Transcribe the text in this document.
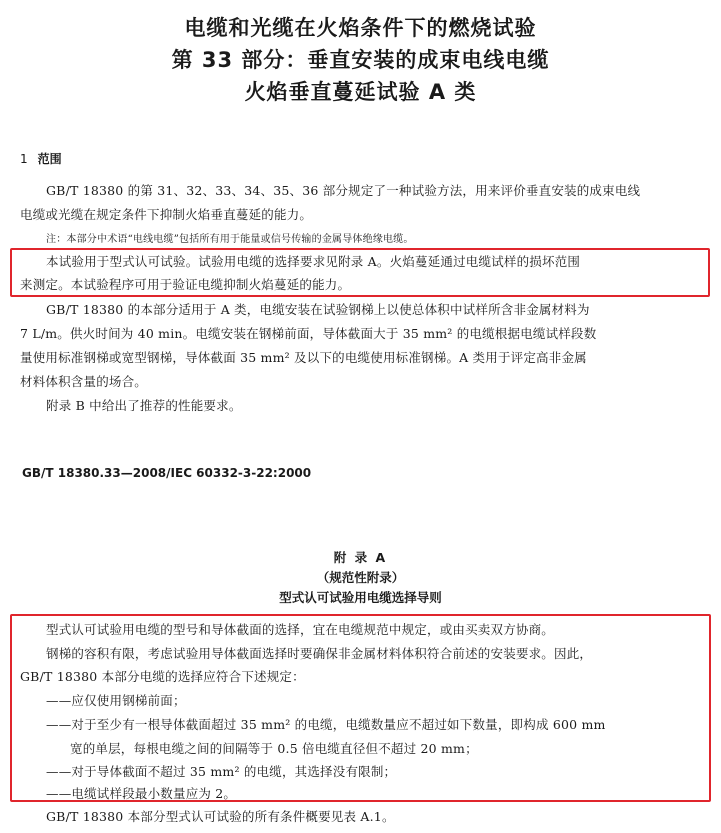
电缆和光缆在火焰条件下的燃烧试验
第 33 部分：垂直安装的成束电线电缆
火焰垂直蔓延试验 A 类
1 范围
GB/T 18380 的第 31、32、33、34、35、36 部分规定了一种试验方法，用来评价垂直安装的成束电线
电缆或光缆在规定条件下抑制火焰垂直蔓延的能力。
注：本部分中术语“电线电缆”包括所有用于能量或信号传输的金属导体绝缘电缆。
本试验用于型式认可试验。试验用电缆的选择要求见附录 A。火焰蔓延通过电缆试样的损坏范围
来测定。本试验程序可用于验证电缆抑制火焰蔓延的能力。
GB/T 18380 的本部分适用于 A 类，电缆安装在试验钢梯上以使总体积中试样所含非金属材料为
7 L/m。供火时间为 40 min。电缆安装在钢梯前面，导体截面大于 35 mm² 的电缆根据电缆试样段数
量使用标准钢梯或宽型钢梯，导体截面 35 mm² 及以下的电缆使用标准钢梯。A 类用于评定高非金属
材料体积含量的场合。
附录 B 中给出了推荐的性能要求。
GB/T 18380.33—2008/IEC 60332-3-22:2000
附 录 A
（规范性附录）
型式认可试验用电缆选择导则
型式认可试验用电缆的型号和导体截面的选择，宜在电缆规范中规定，或由买卖双方协商。
钢梯的容积有限，考虑试验用导体截面选择时要确保非金属材料体积符合前述的安装要求。因此，
GB/T 18380 本部分电缆的选择应符合下述规定：
——应仅使用钢梯前面；
——对于至少有一根导体截面超过 35 mm² 的电缆，电缆数量应不超过如下数量，即构成 600 mm
宽的单层，每根电缆之间的间隔等于 0.5 倍电缆直径但不超过 20 mm；
——对于导体截面不超过 35 mm² 的电缆，其选择没有限制；
——电缆试样段最小数量应为 2。
GB/T 18380 本部分型式认可试验的所有条件概要见表 A.1。
